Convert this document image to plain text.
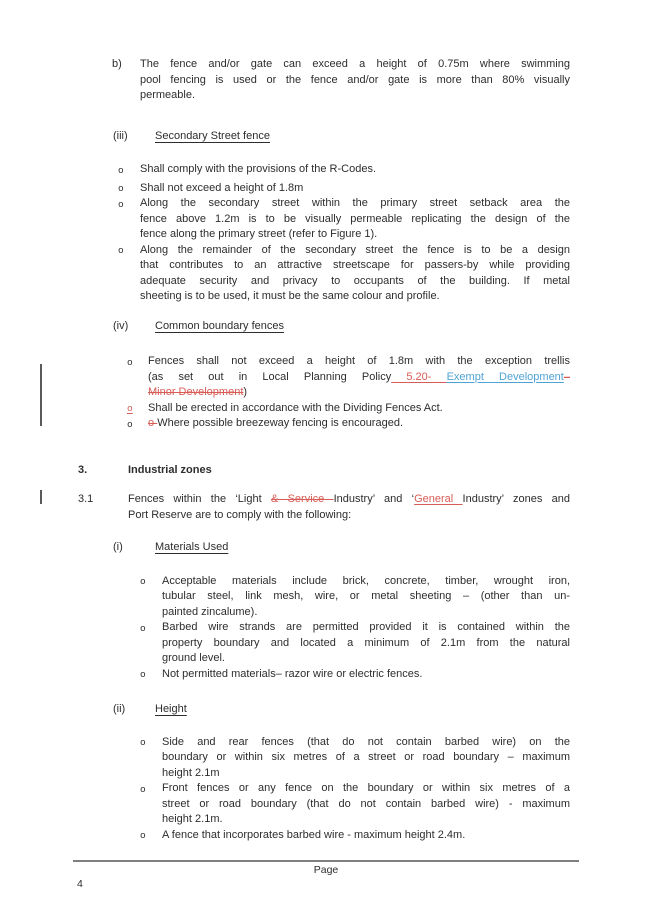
b)	The fence and/or gate can exceed a height of 0.75m where swimming
pool fencing is used or the fence and/or gate is more than 80% visually
permeable.
(iii)	Secondary Street fence
o	Shall comply with the provisions of the R-Codes.
o	Shall not exceed a height of 1.8m
o	Along the secondary street within the primary street setback area the
fence above 1.2m is to be visually permeable replicating the design of the
fence along the primary street (refer to Figure 1).
o	Along the remainder of the secondary street the fence is to be a design
that contributes to an attractive streetscape for passers-by while providing
adequate security and privacy to occupants of the building. If metal
sheeting is to be used, it must be the same colour and profile.
(iv)	Common boundary fences
o	Fences shall not exceed a height of 1.8m with the exception trellis
(as set out in Local Planning Policy 5.20- Exempt Development–
Minor Development)
o	Shall be erected in accordance with the Dividing Fences Act.
o	o Where possible breezeway fencing is encouraged.
3.	Industrial zones
3.1	Fences within the ‘Light & Service Industry’ and ‘General Industry’ zones and
Port Reserve are to comply with the following:
(i)	Materials Used
o	Acceptable materials include brick, concrete, timber, wrought iron,
tubular steel, link mesh, wire, or metal sheeting – (other than un-
painted zincalume).
o	Barbed wire strands are permitted provided it is contained within the
property boundary and located a minimum of 2.1m from the natural
ground level.
o	Not permitted materials– razor wire or electric fences.
(ii)	Height
o	Side and rear fences (that do not contain barbed wire) on the
boundary or within six metres of a street or road boundary – maximum
height 2.1m
o	Front fences or any fence on the boundary or within six metres of a
street or road boundary (that do not contain barbed wire) - maximum
height 2.1m.
o	A fence that incorporates barbed wire - maximum height 2.4m.
Page
4
